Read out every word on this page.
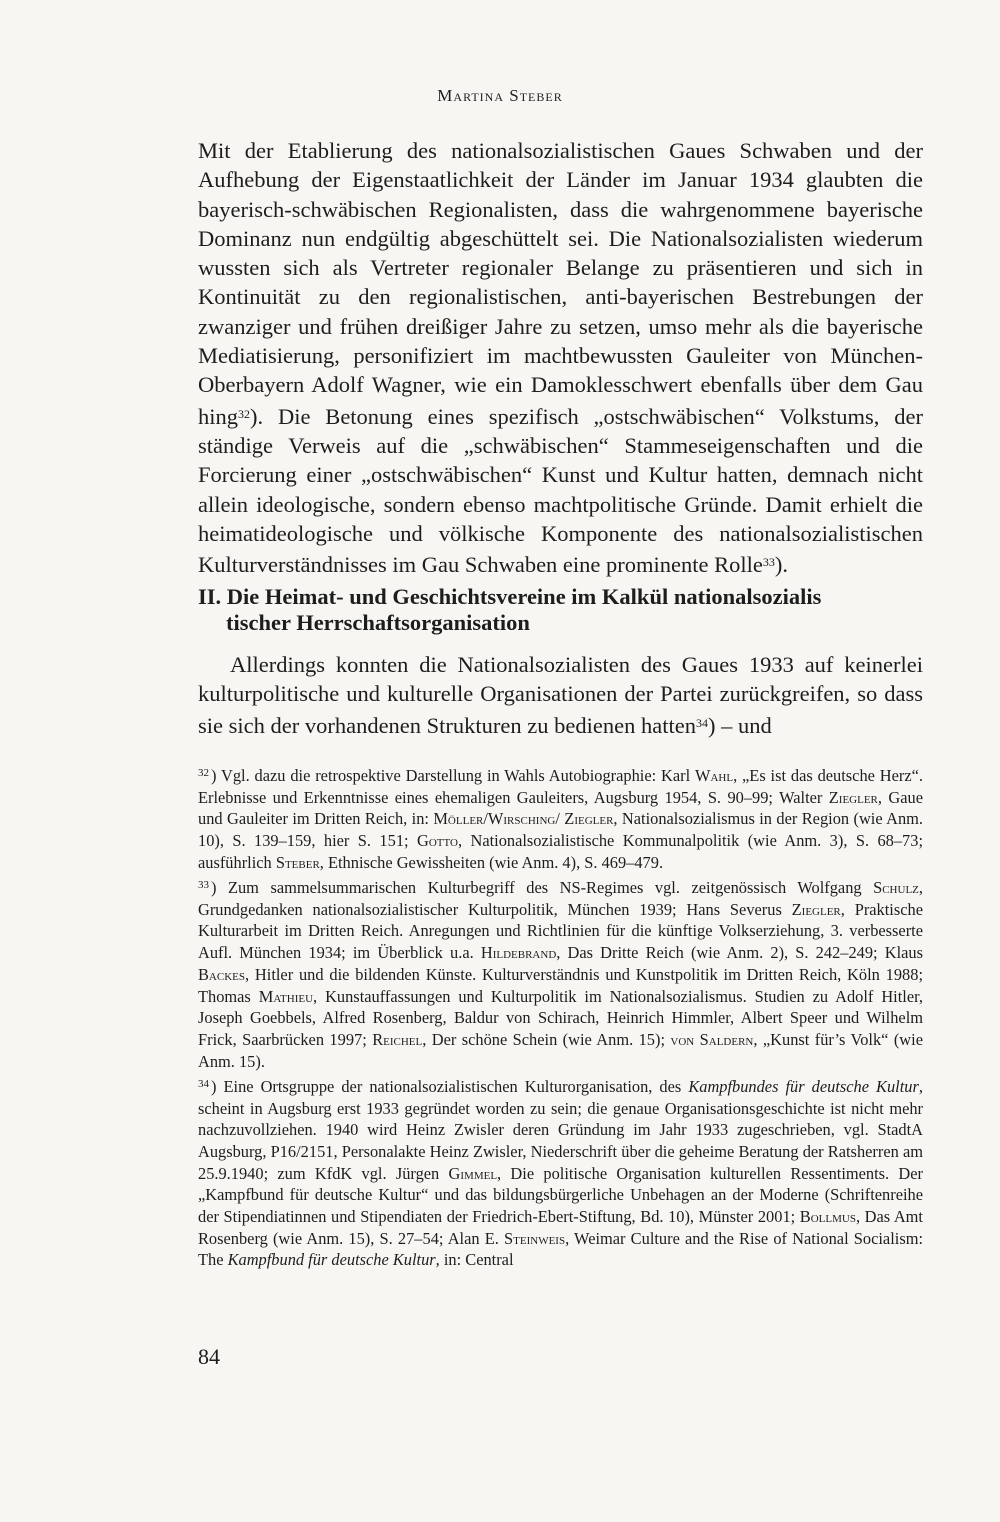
Martina Steber

Mit der Etablierung des nationalsozialistischen Gaues Schwaben und der Aufhebung der Eigenstaatlichkeit der Länder im Januar 1934 glaubten die bayerisch-schwäbischen Regionalisten, dass die wahrgenommene bayerische Dominanz nun endgültig abgeschüttelt sei. Die Nationalsozialisten wiederum wussten sich als Vertreter regionaler Belange zu präsentieren und sich in Kontinuität zu den regionalistischen, anti-bayerischen Bestrebungen der zwanziger und frühen dreißiger Jahre zu setzen, umso mehr als die bayerische Mediatisierung, personifiziert im machtbewussten Gauleiter von München-Oberbayern Adolf Wagner, wie ein Damoklesschwert ebenfalls über dem Gau hing$^{32}$). Die Betonung eines spezifisch „ostschwäbischen“ Volkstums, der ständige Verweis auf die „schwäbischen“ Stammeseigenschaften und die Forcierung einer „ostschwäbischen“ Kunst und Kultur hatten, demnach nicht allein ideologische, sondern ebenso machtpolitische Gründe. Damit erhielt die heimatideologische und völkische Komponente des nationalsozialistischen Kulturverständnisses im Gau Schwaben eine prominente Rolle$^{33}$).

II. Die Heimat- und Geschichtsvereine im Kalkül nationalsozialis
tischer Herrschaftsorganisation
Allerdings konnten die Nationalsozialisten des Gaues 1933 auf keinerlei kulturpolitische und kulturelle Organisationen der Partei zurückgreifen, so dass sie sich der vorhandenen Strukturen zu bedienen hatten$^{34}$) – und

$^{32}$ ) Vgl. dazu die retrospektive Darstellung in Wahls Autobiographie: Karl Wahl, „Es ist das deutsche Herz“. Erlebnisse und Erkenntnisse eines ehemaligen Gauleiters, Augsburg 1954, S. 90–99; Walter Ziegler, Gaue und Gauleiter im Dritten Reich, in: Möller/Wirsching/ Ziegler, Nationalsozialismus in der Region (wie Anm. 10), S. 139–159, hier S. 151; Gotto, Nationalsozialistische Kommunalpolitik (wie Anm. 3), S. 68–73; ausführlich Steber, Ethnische Gewissheiten (wie Anm. 4), S. 469–479.

$^{33}$ ) Zum sammelsummarischen Kulturbegriff des NS-Regimes vgl. zeitgenössisch Wolfgang Schulz, Grundgedanken nationalsozialistischer Kulturpolitik, München 1939; Hans Severus Ziegler, Praktische Kulturarbeit im Dritten Reich. Anregungen und Richtlinien für die künftige Volkserziehung, 3. verbesserte Aufl. München 1934; im Überblick u.a. Hildebrand, Das Dritte Reich (wie Anm. 2), S. 242–249; Klaus Backes, Hitler und die bildenden Künste. Kulturverständnis und Kunstpolitik im Dritten Reich, Köln 1988; Thomas Mathieu, Kunstauffassungen und Kulturpolitik im Nationalsozialismus. Studien zu Adolf Hitler, Joseph Goebbels, Alfred Rosenberg, Baldur von Schirach, Heinrich Himmler, Albert Speer und Wilhelm Frick, Saarbrücken 1997; Reichel, Der schöne Schein (wie Anm. 15); von Saldern, „Kunst für’s Volk“ (wie Anm. 15).

$^{34}$ ) Eine Ortsgruppe der nationalsozialistischen Kulturorganisation, des Kampfbundes für deutsche Kultur, scheint in Augsburg erst 1933 gegründet worden zu sein; die genaue Organisationsgeschichte ist nicht mehr nachzuvollziehen. 1940 wird Heinz Zwisler deren Gründung im Jahr 1933 zugeschrieben, vgl. StadtA Augsburg, P16/2151, Personalakte Heinz Zwisler, Niederschrift über die geheime Beratung der Ratsherren am 25.9.1940; zum KfdK vgl. Jürgen Gimmel, Die politische Organisation kulturellen Ressentiments. Der „Kampfbund für deutsche Kultur“ und das bildungsbürgerliche Unbehagen an der Moderne (Schriftenreihe der Stipendiatinnen und Stipendiaten der Friedrich-Ebert-Stiftung, Bd. 10), Münster 2001; Bollmus, Das Amt Rosenberg (wie Anm. 15), S. 27–54; Alan E. Steinweis, Weimar Culture and the Rise of National Socialism: The Kampfbund für deutsche Kultur, in: Central

84
